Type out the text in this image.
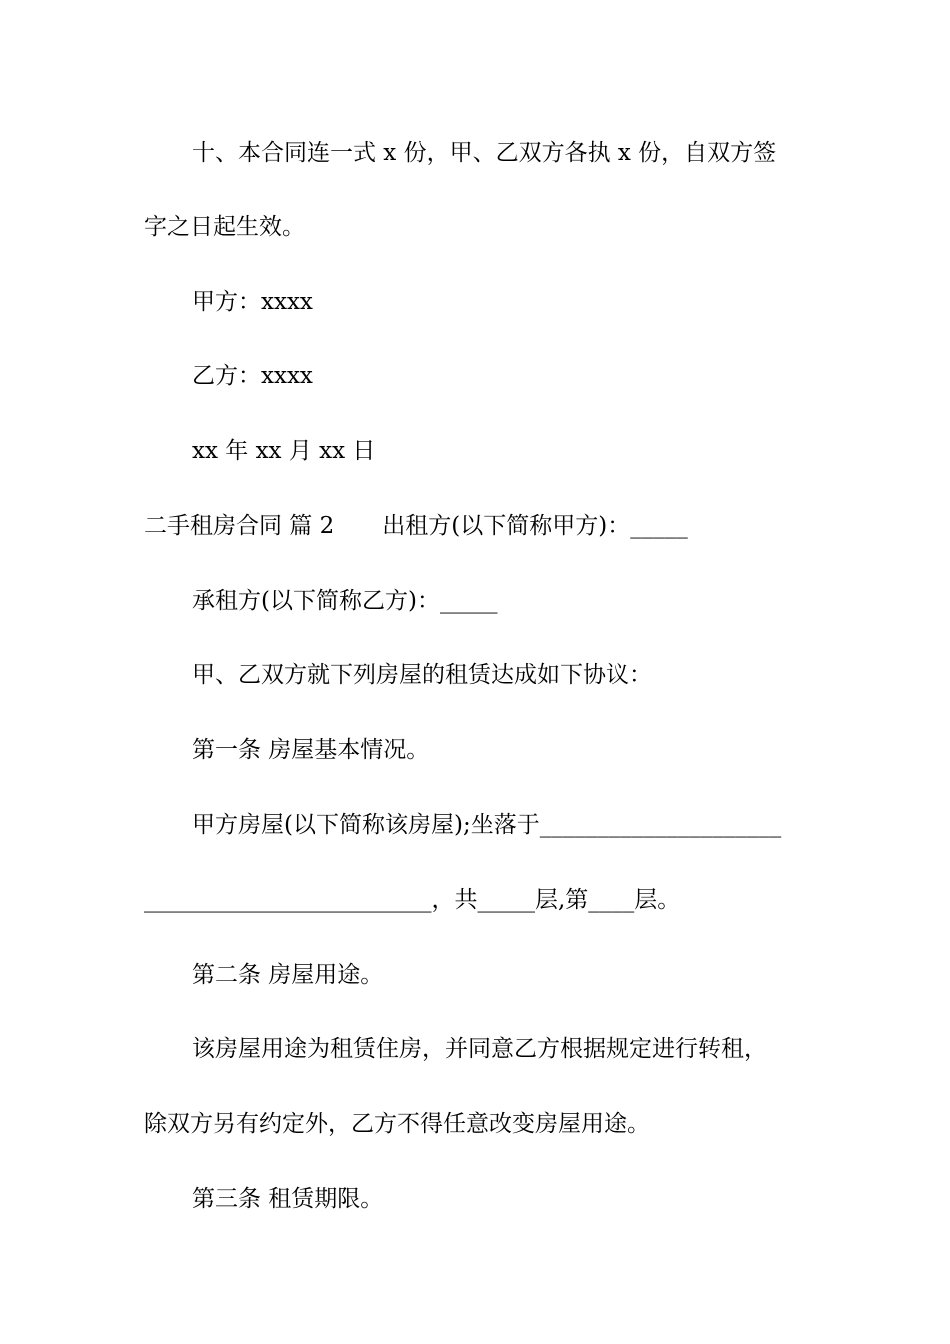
十、本合同连一式 x 份，甲、乙双方各执 x 份，自双方签
字之日起生效。
甲方：xxxx
乙方：xxxx
xx 年 xx 月 xx 日
二手租房合同 篇 2 出租方(以下简称甲方)：_____
承租方(以下简称乙方)：_____
甲、乙双方就下列房屋的租赁达成如下协议：
第一条 房屋基本情况。
甲方房屋(以下简称该房屋);坐落于_____________________
_________________________，共_____层,第____层。
第二条 房屋用途。
该房屋用途为租赁住房，并同意乙方根据规定进行转租，
除双方另有约定外，乙方不得任意改变房屋用途。
第三条 租赁期限。
